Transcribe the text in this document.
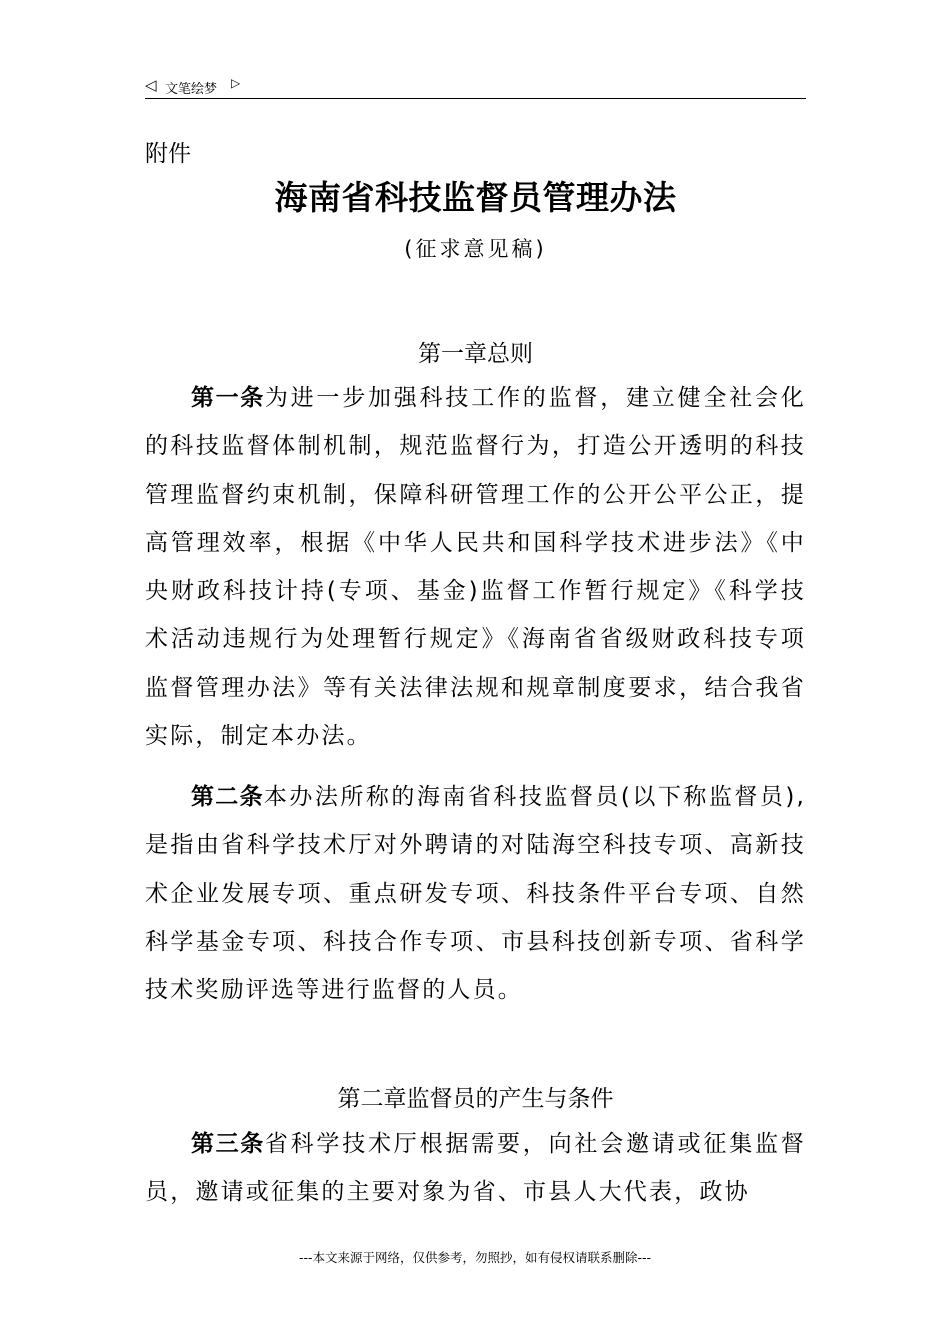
◁ 文笔绘梦 ▷
附件
海南省科技监督员管理办法
(征求意见稿)
第一章总则
第一条为进一步加强科技工作的监督，建立健全社会化的科技监督体制机制，规范监督行为，打造公开透明的科技管理监督约束机制，保障科研管理工作的公开公平公正，提高管理效率，根据《中华人民共和国科学技术进步法》《中央财政科技计持(专项、基金)监督工作暂行规定》《科学技术活动违规行为处理暂行规定》《海南省省级财政科技专项监督管理办法》等有关法律法规和规章制度要求，结合我省实际，制定本办法。
第二条本办法所称的海南省科技监督员(以下称监督员),是指由省科学技术厅对外聘请的对陆海空科技专项、高新技术企业发展专项、重点研发专项、科技条件平台专项、自然科学基金专项、科技合作专项、市县科技创新专项、省科学技术奖励评选等进行监督的人员。
第二章监督员的产生与条件
第三条省科学技术厅根据需要，向社会邀请或征集监督员，邀请或征集的主要对象为省、市县人大代表，政协
---本文来源于网络，仅供参考，勿照抄，如有侵权请联系删除---
